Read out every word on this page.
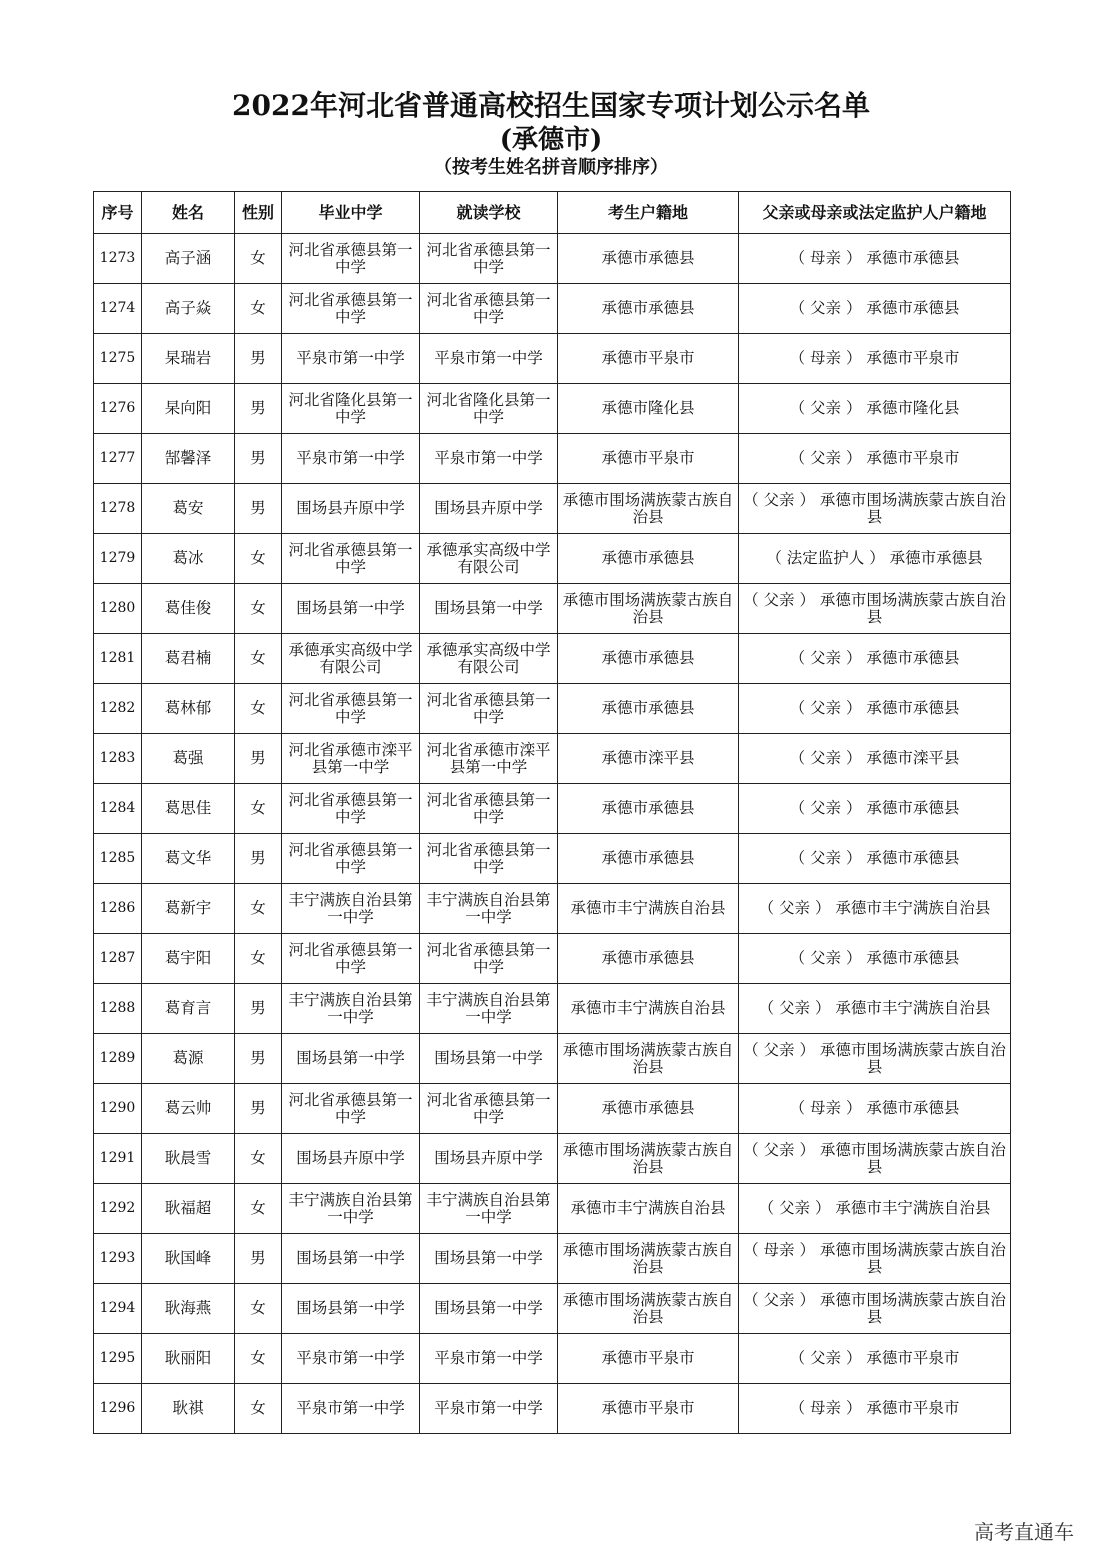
2022年河北省普通高校招生国家专项计划公示名单
(承德市)
（按考生姓名拼音顺序排序）
序号	姓名	性别	毕业中学	就读学校	考生户籍地	父亲或母亲或法定监护人户籍地
1273	高子涵	女	河北省承德县第一中学	河北省承德县第一中学	承德市承德县	（ 母亲 ） 承德市承德县
1274	高子焱	女	河北省承德县第一中学	河北省承德县第一中学	承德市承德县	（ 父亲 ） 承德市承德县
1275	杲瑞岩	男	平泉市第一中学	平泉市第一中学	承德市平泉市	（ 母亲 ） 承德市平泉市
1276	杲向阳	男	河北省隆化县第一中学	河北省隆化县第一中学	承德市隆化县	（ 父亲 ） 承德市隆化县
1277	郜馨泽	男	平泉市第一中学	平泉市第一中学	承德市平泉市	（ 父亲 ） 承德市平泉市
1278	葛安	男	围场县卉原中学	围场县卉原中学	承德市围场满族蒙古族自治县	（ 父亲 ） 承德市围场满族蒙古族自治县
1279	葛冰	女	河北省承德县第一中学	承德承实高级中学有限公司	承德市承德县	（ 法定监护人 ） 承德市承德县
1280	葛佳俊	女	围场县第一中学	围场县第一中学	承德市围场满族蒙古族自治县	（ 父亲 ） 承德市围场满族蒙古族自治县
1281	葛君楠	女	承德承实高级中学有限公司	承德承实高级中学有限公司	承德市承德县	（ 父亲 ） 承德市承德县
1282	葛林郁	女	河北省承德县第一中学	河北省承德县第一中学	承德市承德县	（ 父亲 ） 承德市承德县
1283	葛强	男	河北省承德市滦平县第一中学	河北省承德市滦平县第一中学	承德市滦平县	（ 父亲 ） 承德市滦平县
1284	葛思佳	女	河北省承德县第一中学	河北省承德县第一中学	承德市承德县	（ 父亲 ） 承德市承德县
1285	葛文华	男	河北省承德县第一中学	河北省承德县第一中学	承德市承德县	（ 父亲 ） 承德市承德县
1286	葛新宇	女	丰宁满族自治县第一中学	丰宁满族自治县第一中学	承德市丰宁满族自治县	（ 父亲 ） 承德市丰宁满族自治县
1287	葛宇阳	女	河北省承德县第一中学	河北省承德县第一中学	承德市承德县	（ 父亲 ） 承德市承德县
1288	葛育言	男	丰宁满族自治县第一中学	丰宁满族自治县第一中学	承德市丰宁满族自治县	（ 父亲 ） 承德市丰宁满族自治县
1289	葛源	男	围场县第一中学	围场县第一中学	承德市围场满族蒙古族自治县	（ 父亲 ） 承德市围场满族蒙古族自治县
1290	葛云帅	男	河北省承德县第一中学	河北省承德县第一中学	承德市承德县	（ 母亲 ） 承德市承德县
1291	耿晨雪	女	围场县卉原中学	围场县卉原中学	承德市围场满族蒙古族自治县	（ 父亲 ） 承德市围场满族蒙古族自治县
1292	耿福超	女	丰宁满族自治县第一中学	丰宁满族自治县第一中学	承德市丰宁满族自治县	（ 父亲 ） 承德市丰宁满族自治县
1293	耿国峰	男	围场县第一中学	围场县第一中学	承德市围场满族蒙古族自治县	（ 母亲 ） 承德市围场满族蒙古族自治县
1294	耿海燕	女	围场县第一中学	围场县第一中学	承德市围场满族蒙古族自治县	（ 父亲 ） 承德市围场满族蒙古族自治县
1295	耿丽阳	女	平泉市第一中学	平泉市第一中学	承德市平泉市	（ 父亲 ） 承德市平泉市
1296	耿祺	女	平泉市第一中学	平泉市第一中学	承德市平泉市	（ 母亲 ） 承德市平泉市
高考直通车
